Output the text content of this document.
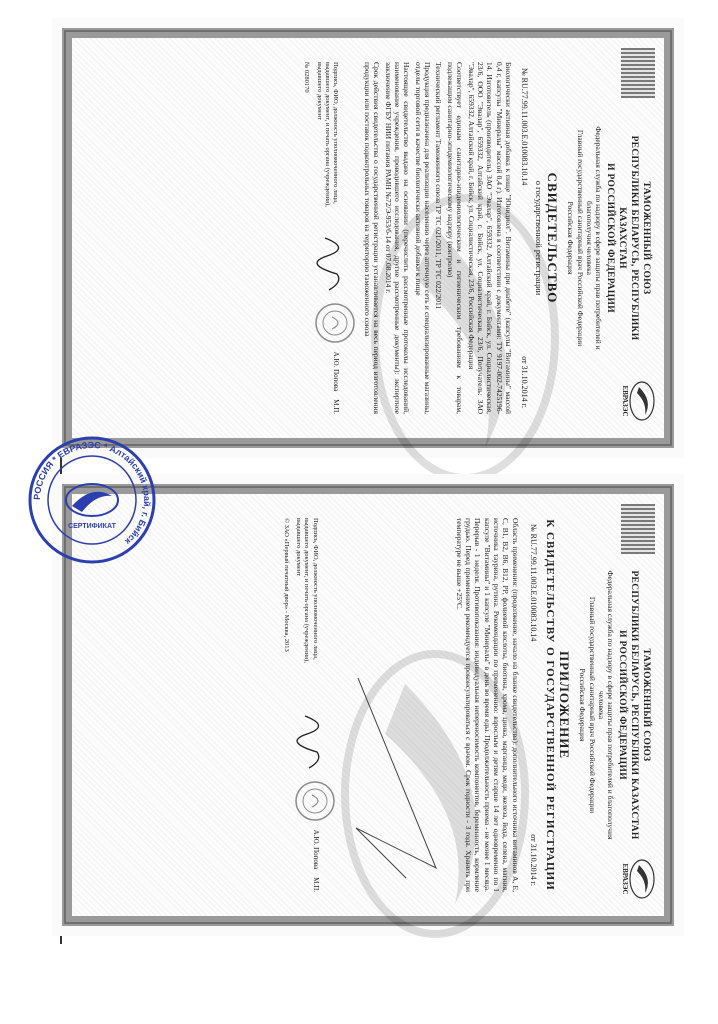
ЕВРАЗЭС
ТАМОЖЕННЫЙ СОЮЗ
РЕСПУБЛИКИ БЕЛАРУСЬ, РЕСПУБЛИКИ КАЗАХСТАН
И РОССИЙСКОЙ ФЕДЕРАЦИИ
Федеральная служба по надзору в сфере защиты прав потребителей и благополучия человека
Главный государственный санитарный врач Российской Федерации
Российская Федерация
СВИДЕТЕЛЬСТВО
о государственной регистрации
№ RU.77.99.11.003.Е.010083.10.14
от 31.10.2014 г.

Биологически активная добавка к пище "Юнидиол". Витамины при диабете" (капсулы "Витамины" массой 0,4 г, капсулы "Минералы" массой 0,4 г). Изготовлена в соответствии с документами: ТУ 9197-002-7425196-14. Изготовитель (производитель) ЗАО "Эвалар", 659332, Алтайский край, г. Бийск, ул. Социалистическая, 23/6, ООО "Эвалар", 659332, Алтайский край, г. Бийск, ул. Социалистическая, 23/6, Получатель: ЗАО "Эвалар", 659332, Алтайский край, г. Бийск, ул. Социалистическая, 23/6, Российская Федерация

Соответствует единым санитарно-эпидемиологическим и гигиеническим требованиям к товарам, подлежащим санитарно-эпидемиологическому надзору (контролю)

Технический регламент Таможенного союза ТР ТС 021/2011, ТР ТС 022/2011

Продукция предназначена для реализации населению через аптечную сеть и специализированные магазины, отделы торговой сети в качестве биологически активной добавки к пище

Настоящее свидетельство выдано на основании (перечислить рассмотренные протоколы исследований, наименование учреждения, проводившего исследования, другие рассмотренные документы): экспертное заключение ФГБУ НИИ питания РАМН №72/Э-953/б-14 от 07.08.2014 г.

Срок действия свидетельства о государственной регистрации устанавливается на весь период изготовления продукции или поставок подконтрольных товаров на территорию таможенного союза

Подпись, ФИО, должность уполномоченного лица, выдавшего документ, и печать органа (учреждения), выдавшего документ
А.Ю. Попова
М.П.
№ 0280170
ЕВРАЗЭС
ТАМОЖЕННЫЙ СОЮЗ
РЕСПУБЛИКИ БЕЛАРУСЬ, РЕСПУБЛИКИ КАЗАХСТАН
И РОССИЙСКОЙ ФЕДЕРАЦИИ
Федеральная служба по надзору в сфере защиты прав потребителей и благополучия человека
Главный государственный санитарный врач Российской Федерации
Российская Федерация
ПРИЛОЖЕНИЕ
К СВИДЕТЕЛЬСТВУ О ГОСУДАРСТВЕННОЙ РЕГИСТРАЦИИ
№ RU.77.99.11.003.Е.010083.10.14
от 31.10.2014 г.

Область применения: (продолжение, начало на бланке свидетельства): дополнительного источника витаминов А, Е, С, В1, В2, В6, В12, РР, фолиевой кислоты, биотина, хрома, цинка, марганца, меди, железа, йода, селена, магния, источника таурина, рутина. Рекомендации по применению: взрослым и детям старше 14 лет одновременно по 1 капсуле "Витамины" и 1 капсуле "Минералы" в день во время еды. Продолжительность приема - не менее 1 месяца. Перерыв - 1 неделя. Противопоказания: индивидуальная непереносимость компонентов, беременность, кормление грудью. Перед применением рекомендуется проконсультироваться с врачом. Срок годности - 3 года. Хранить при температуре не выше +25°С.

Подпись, ФИО, должность уполномоченного лица, выдавшего документ, и печать органа (учреждения), выдавшего документ
А.Ю. Попова
М.П.
© ЗАО «Первый печатный двор» - Москва, 2013
РОССИЯ * ЕВРАЗЭС * Алтайский край, г. Бийск
СЕРТИФИКАТ
